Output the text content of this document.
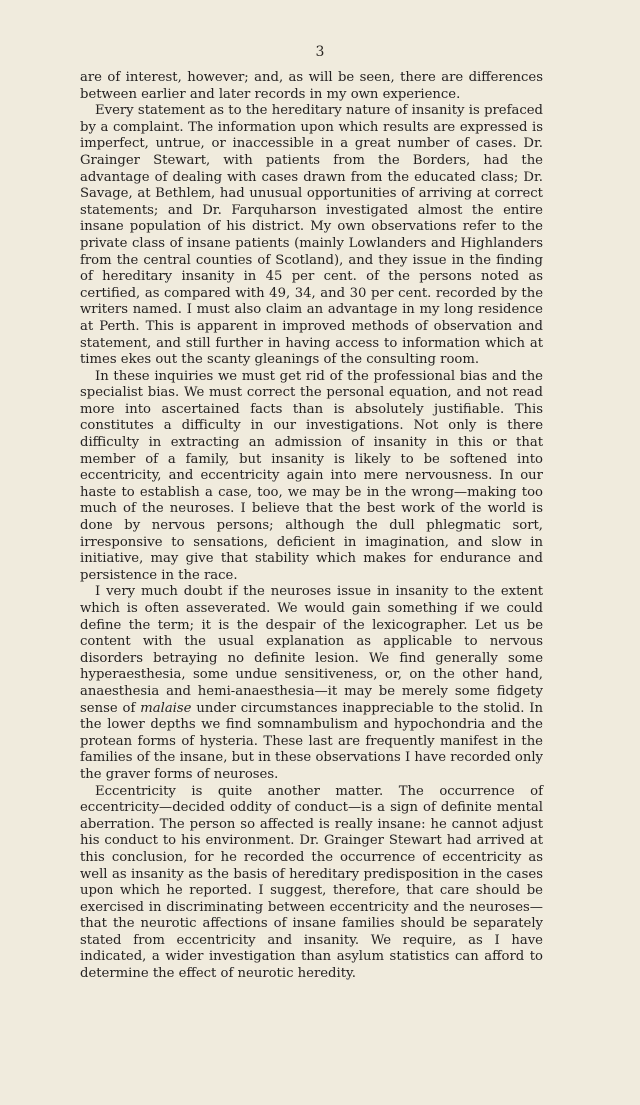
3

are of interest, however; and, as will be seen, there are differences between earlier and later records in my own experience.

Every statement as to the hereditary nature of insanity is prefaced by a complaint. The information upon which results are expressed is imperfect, untrue, or inaccessible in a great number of cases. Dr. Grainger Stewart, with patients from the Borders, had the advantage of dealing with cases drawn from the educated class; Dr. Savage, at Bethlem, had unusual opportunities of arriving at correct statements; and Dr. Farquharson investigated almost the entire insane population of his district. My own observations refer to the private class of insane patients (mainly Lowlanders and Highlanders from the central counties of Scotland), and they issue in the finding of hereditary insanity in 45 per cent. of the persons noted as certified, as compared with 49, 34, and 30 per cent. recorded by the writers named. I must also claim an advantage in my long residence at Perth. This is apparent in improved methods of observation and statement, and still further in having access to information which at times ekes out the scanty gleanings of the consulting room.

In these inquiries we must get rid of the professional bias and the specialist bias. We must correct the personal equation, and not read more into ascertained facts than is absolutely justifiable. This constitutes a difficulty in our investigations. Not only is there difficulty in extracting an admission of insanity in this or that member of a family, but insanity is likely to be softened into eccentricity, and eccentricity again into mere nervousness. In our haste to establish a case, too, we may be in the wrong—making too much of the neuroses. I believe that the best work of the world is done by nervous persons; although the dull phlegmatic sort, irresponsive to sensations, deficient in imagination, and slow in initiative, may give that stability which makes for endurance and persistence in the race.

I very much doubt if the neuroses issue in insanity to the extent which is often asseverated. We would gain something if we could define the term; it is the despair of the lexicographer. Let us be content with the usual explanation as applicable to nervous disorders betraying no definite lesion. We find generally some hyperaesthesia, some undue sensitiveness, or, on the other hand, anaesthesia and hemi-anaesthesia—it may be merely some fidgety sense of malaise under circumstances inappreciable to the stolid. In the lower depths we find somnambulism and hypochondria and the protean forms of hysteria. These last are frequently manifest in the families of the insane, but in these observations I have recorded only the graver forms of neuroses.

Eccentricity is quite another matter. The occurrence of eccentricity—decided oddity of conduct—is a sign of definite mental aberration. The person so affected is really insane: he cannot adjust his conduct to his environment. Dr. Grainger Stewart had arrived at this conclusion, for he recorded the occurrence of eccentricity as well as insanity as the basis of hereditary predisposition in the cases upon which he reported. I suggest, therefore, that care should be exercised in discriminating between eccentricity and the neuroses—that the neurotic affections of insane families should be separately stated from eccentricity and insanity. We require, as I have indicated, a wider investigation than asylum statistics can afford to determine the effect of neurotic heredity.
